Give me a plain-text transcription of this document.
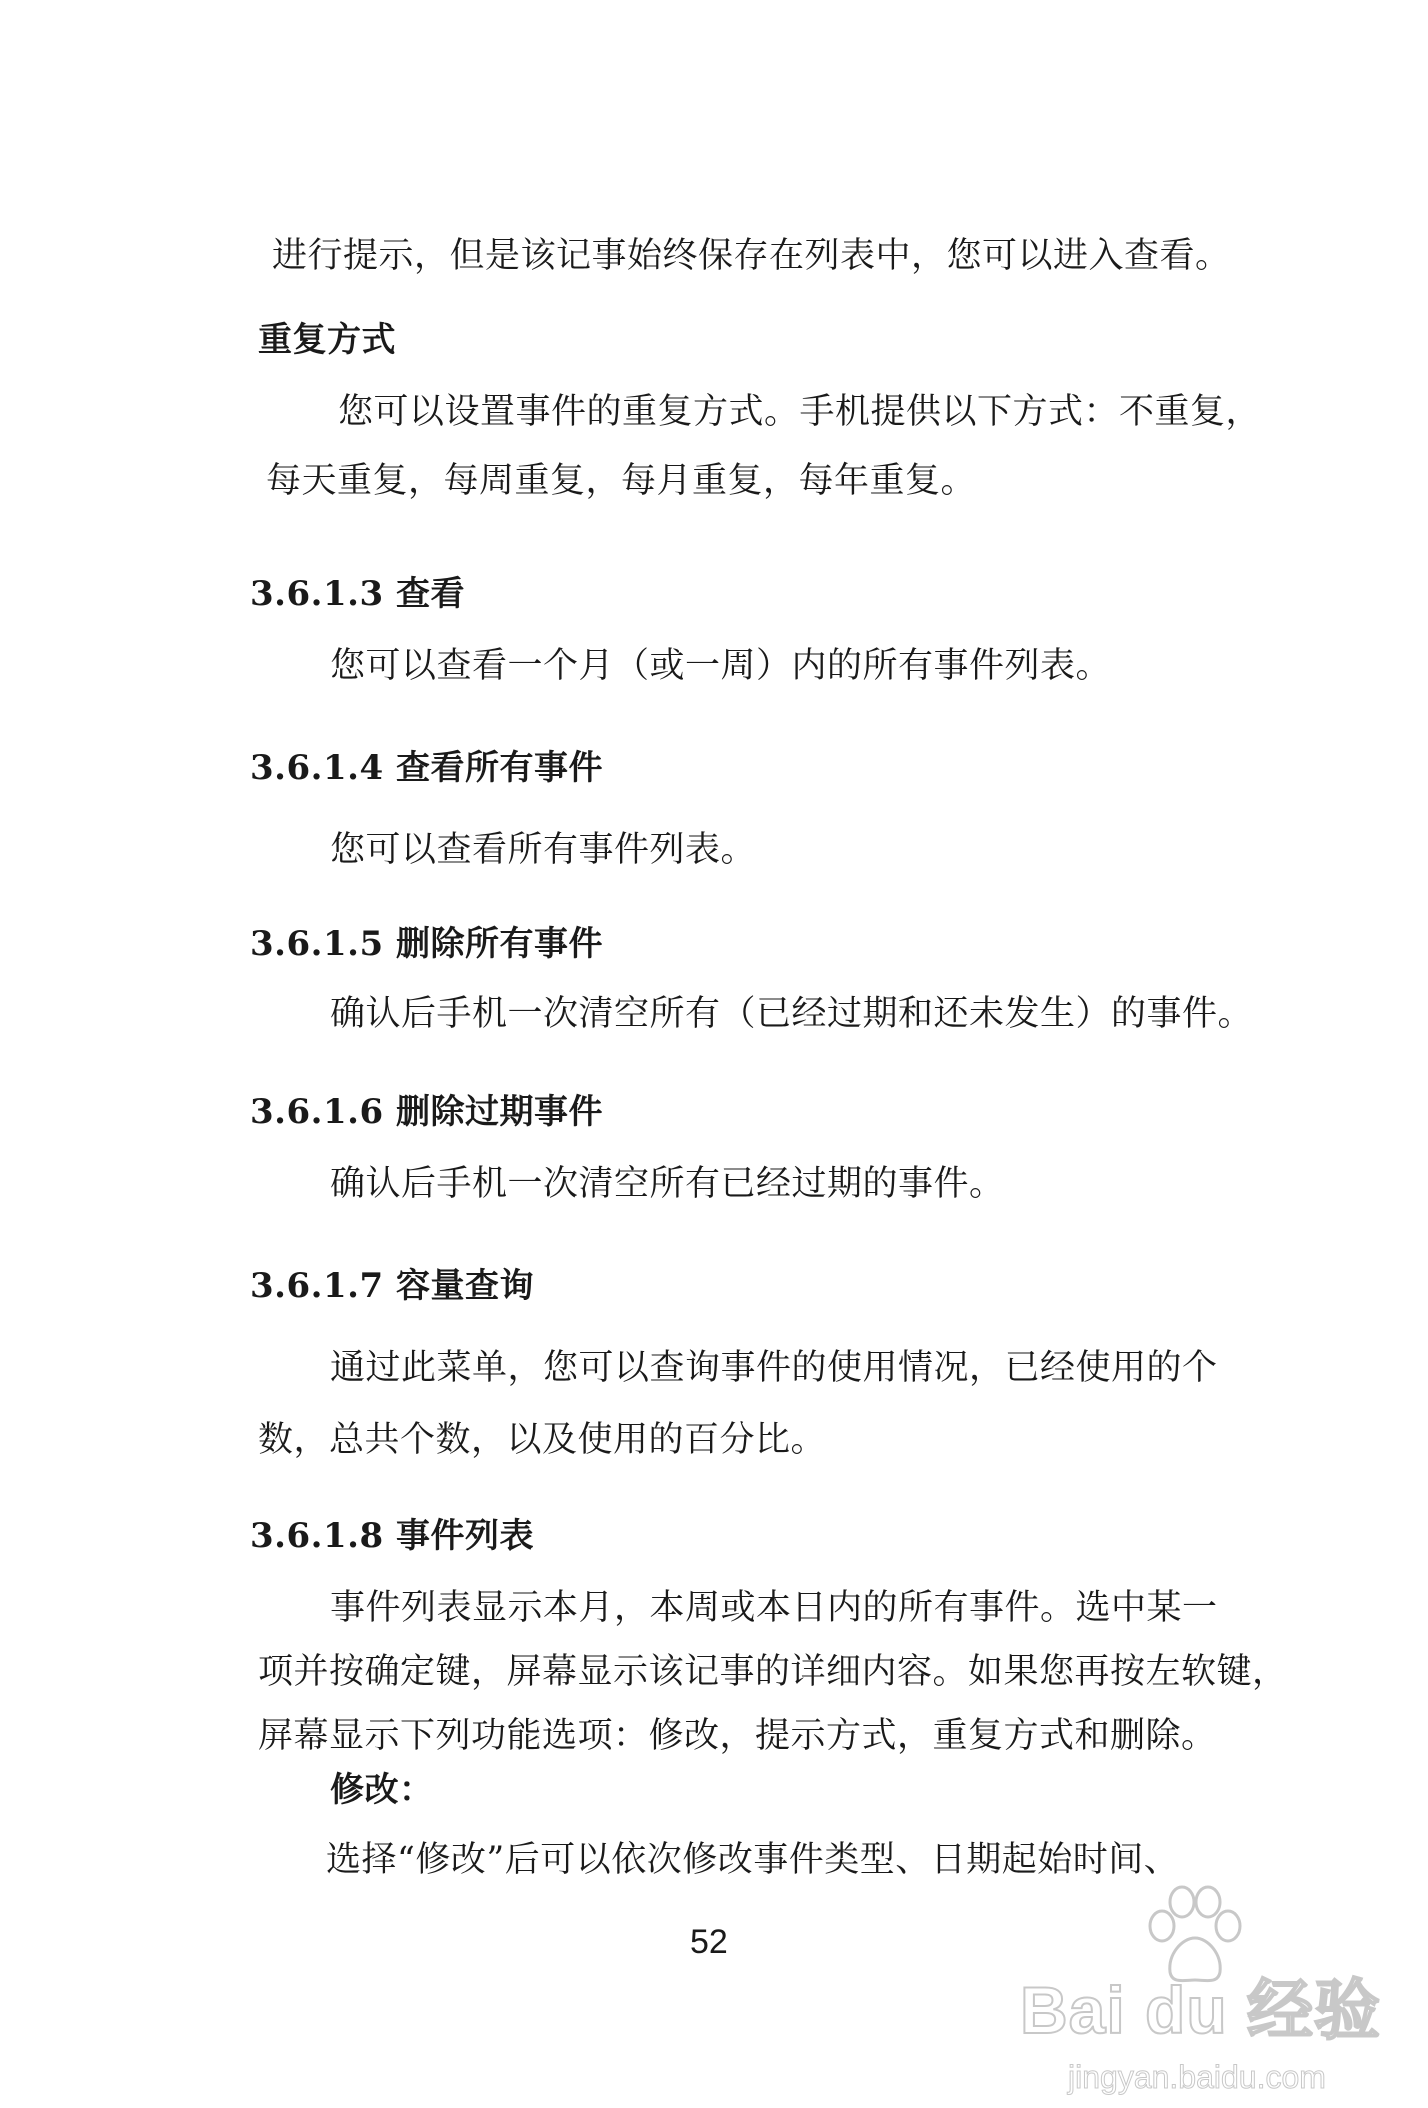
进行提示，但是该记事始终保存在列表中，您可以进入查看。
重复方式
您可以设置事件的重复方式。手机提供以下方式：不重复，
每天重复，每周重复，每月重复，每年重复。
3.6.1.3 查看
您可以查看一个月（或一周）内的所有事件列表。
3.6.1.4 查看所有事件
您可以查看所有事件列表。
3.6.1.5 删除所有事件
确认后手机一次清空所有（已经过期和还未发生）的事件。
3.6.1.6 删除过期事件
确认后手机一次清空所有已经过期的事件。
3.6.1.7 容量查询
通过此菜单，您可以查询事件的使用情况，已经使用的个
数，总共个数，以及使用的百分比。
3.6.1.8 事件列表
事件列表显示本月，本周或本日内的所有事件。选中某一
项并按确定键，屏幕显示该记事的详细内容。如果您再按左软键，
屏幕显示下列功能选项：修改，提示方式，重复方式和删除。
修改：
选择“修改”后可以依次修改事件类型、日期起始时间、
52
Bai du 经验
jingyan.baidu.com
